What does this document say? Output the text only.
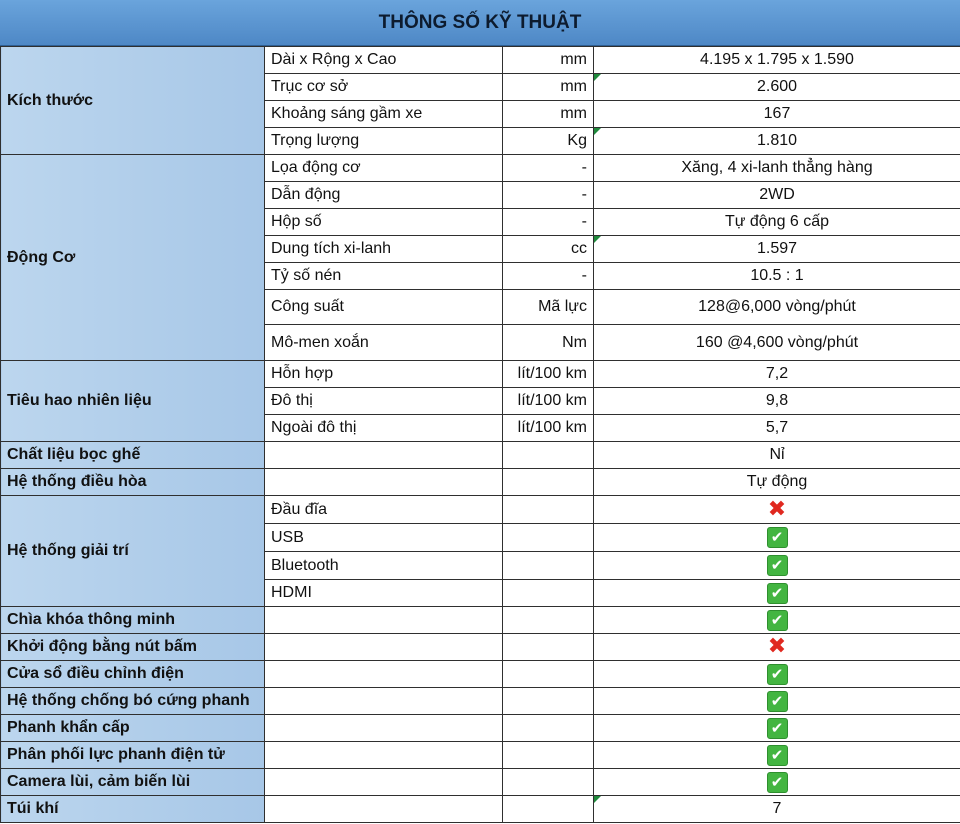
THÔNG SỐ KỸ THUẬT
Kích thước	Dài x Rộng x Cao	mm	4.195 x 1.795 x 1.590
	Trục cơ sở	mm	2.600
	Khoảng sáng gầm xe	mm	167
	Trọng lượng	Kg	1.810
Động Cơ	Lọa động cơ	-	Xăng, 4 xi-lanh thẳng hàng
	Dẫn động	-	2WD
	Hộp số	-	Tự động 6 cấp
	Dung tích xi-lanh	cc	1.597
	Tỷ số nén	-	10.5 : 1
	Công suất	Mã lực	128@6,000 vòng/phút
	Mô-men xoắn	Nm	160 @4,600 vòng/phút
Tiêu hao nhiên liệu	Hỗn hợp	lít/100 km	7,2
	Đô thị	lít/100 km	9,8
	Ngoài đô thị	lít/100 km	5,7
Chất liệu bọc ghế			Nỉ
Hệ thống điều hòa			Tự động
Hệ thống giải trí	Đầu đĩa		✖
	USB		✔
	Bluetooth		✔
	HDMI		✔
Chìa khóa thông minh			✔
Khởi động bằng nút bấm			✖
Cửa sổ điều chỉnh điện			✔
Hệ thống chống bó cứng phanh			✔
Phanh khẩn cấp			✔
Phân phối lực phanh điện tử			✔
Camera lùi, cảm biến lùi			✔
Túi khí			7
